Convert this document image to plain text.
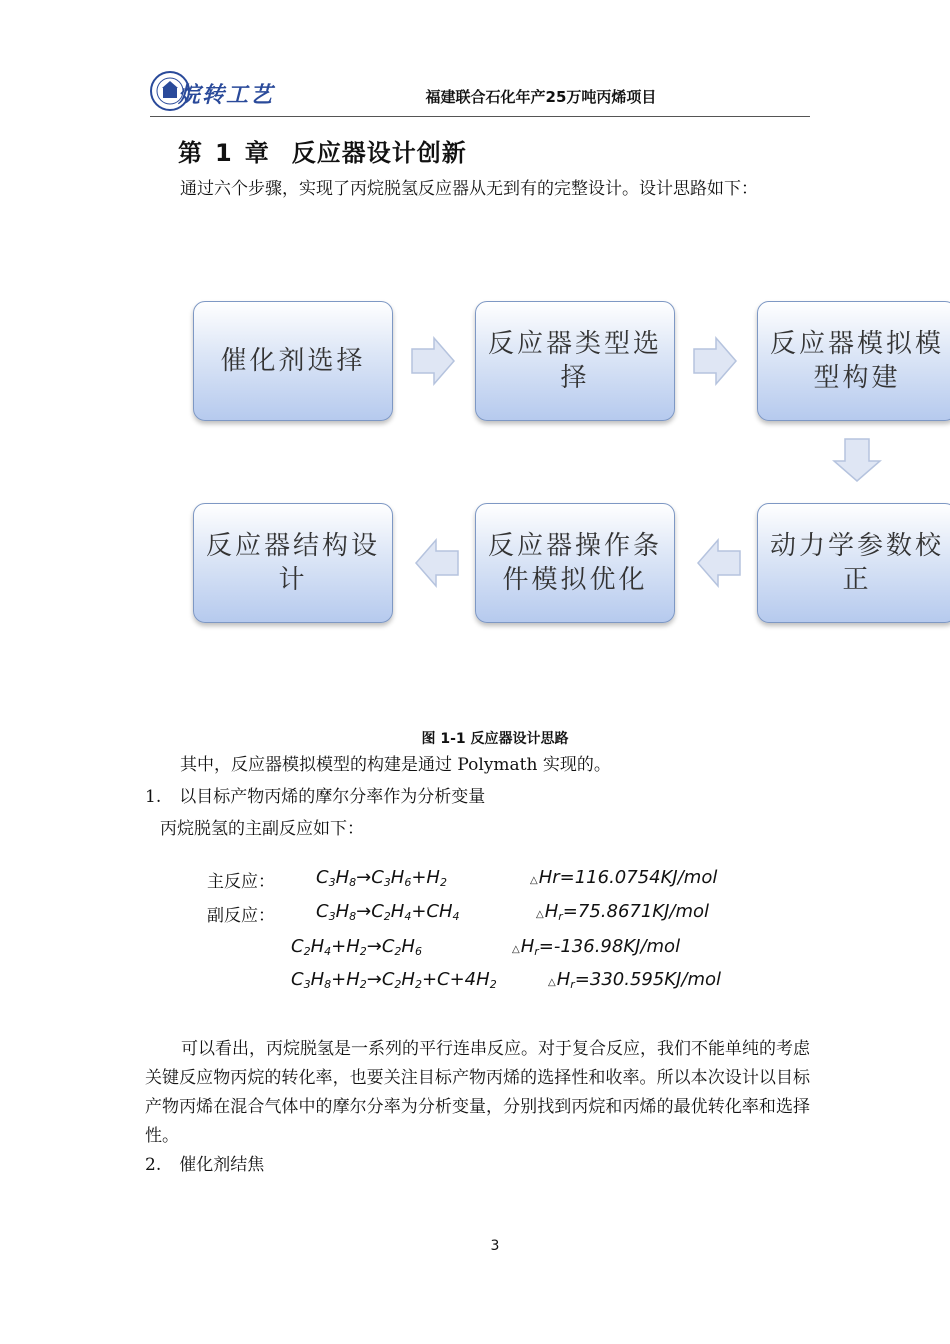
烷转工艺	福建联合石化年产25万吨丙烯项目
第 1 章 反应器设计创新
通过六个步骤，实现了丙烷脱氢反应器从无到有的完整设计。设计思路如下：
催化剂选择
反应器类型选择
反应器模拟模型构建
动力学参数校正
反应器操作条件模拟优化
反应器结构设计
图 1-1 反应器设计思路
其中，反应器模拟模型的构建是通过 Polymath 实现的。
1. 以目标产物丙烯的摩尔分率作为分析变量
丙烷脱氢的主副反应如下：
主反应： $C_3H_8\to C_3H_6+H_2$	△Hr=116.0754KJ/mol
副反应： $C_3H_8\to C_2H_4+CH_4$	$\triangle H_r=75.8671KJ$/mol
$C_2H_4+H_2\to C_2H_6$	$\triangle H_r=-136.98KJ$/mol
$C_3H_8+H_2\to C_2H_2+C+4H_2$	$\triangle H_r=330.595KJ$/mol
可以看出，丙烷脱氢是一系列的平行连串反应。对于复合反应，我们不能单纯的考虑关键反应物丙烷的转化率，也要关注目标产物丙烯的选择性和收率。所以本次设计以目标产物丙烯在混合气体中的摩尔分率为分析变量，分别找到丙烷和丙烯的最优转化率和选择性。
2. 催化剂结焦
3
